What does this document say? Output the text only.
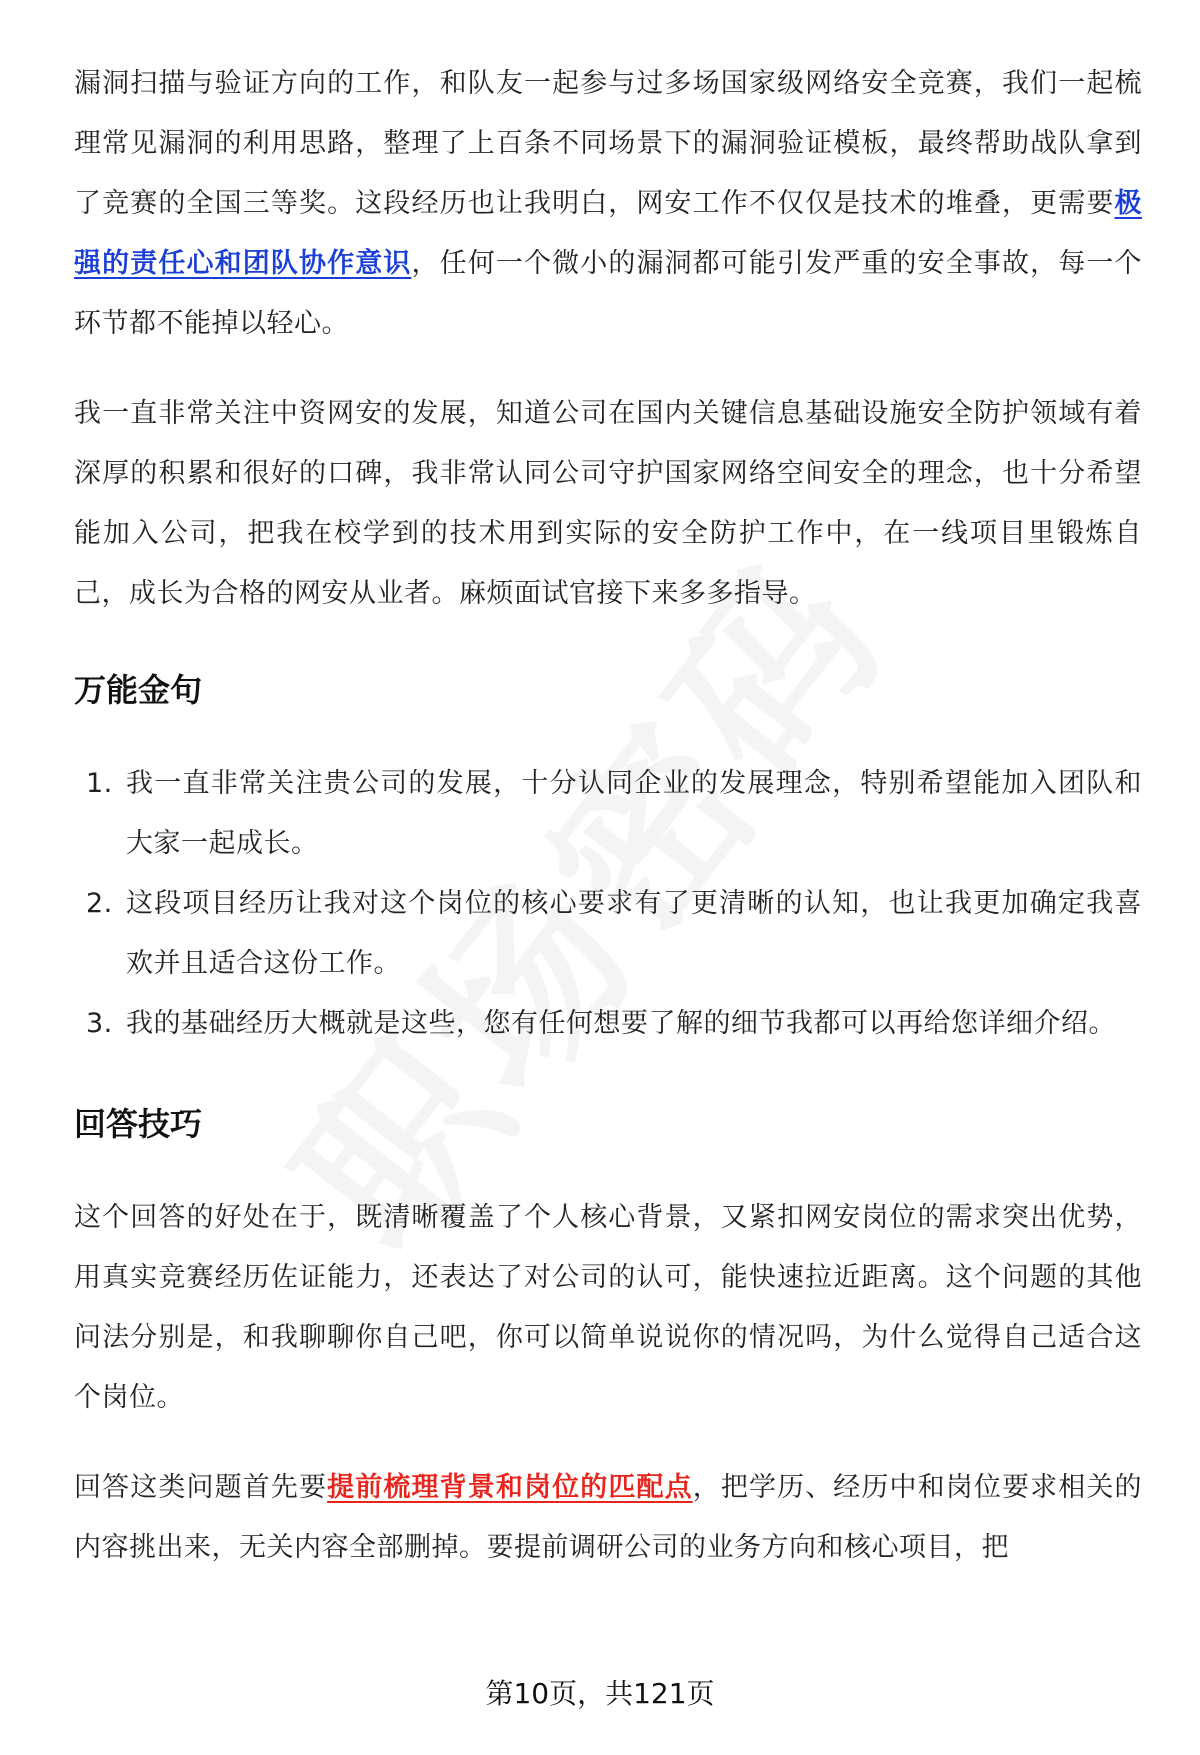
漏洞扫描与验证方向的工作，和队友一起参与过多场国家级网络安全竞赛，我们一起梳理常见漏洞的利用思路，整理了上百条不同场景下的漏洞验证模板，最终帮助战队拿到了竞赛的全国三等奖。这段经历也让我明白，网安工作不仅仅是技术的堆叠，更需要极强的责任心和团队协作意识，任何一个微小的漏洞都可能引发严重的安全事故，每一个环节都不能掉以轻心。

我一直非常关注中资网安的发展，知道公司在国内关键信息基础设施安全防护领域有着深厚的积累和很好的口碑，我非常认同公司守护国家网络空间安全的理念，也十分希望能加入公司，把我在校学到的技术用到实际的安全防护工作中，在一线项目里锻炼自己，成长为合格的网安从业者。麻烦面试官接下来多多指导。

万能金句
1. 我一直非常关注贵公司的发展，十分认同企业的发展理念，特别希望能加入团队和大家一起成长。
2. 这段项目经历让我对这个岗位的核心要求有了更清晰的认知，也让我更加确定我喜欢并且适合这份工作。
3. 我的基础经历大概就是这些，您有任何想要了解的细节我都可以再给您详细介绍。
回答技巧

这个回答的好处在于，既清晰覆盖了个人核心背景，又紧扣网安岗位的需求突出优势，用真实竞赛经历佐证能力，还表达了对公司的认可，能快速拉近距离。这个问题的其他问法分别是，和我聊聊你自己吧，你可以简单说说你的情况吗，为什么觉得自己适合这个岗位。

回答这类问题首先要提前梳理背景和岗位的匹配点，把学历、经历中和岗位要求相关的内容挑出来，无关内容全部删掉。要提前调研公司的业务方向和核心项目，把

第10页，共121页
